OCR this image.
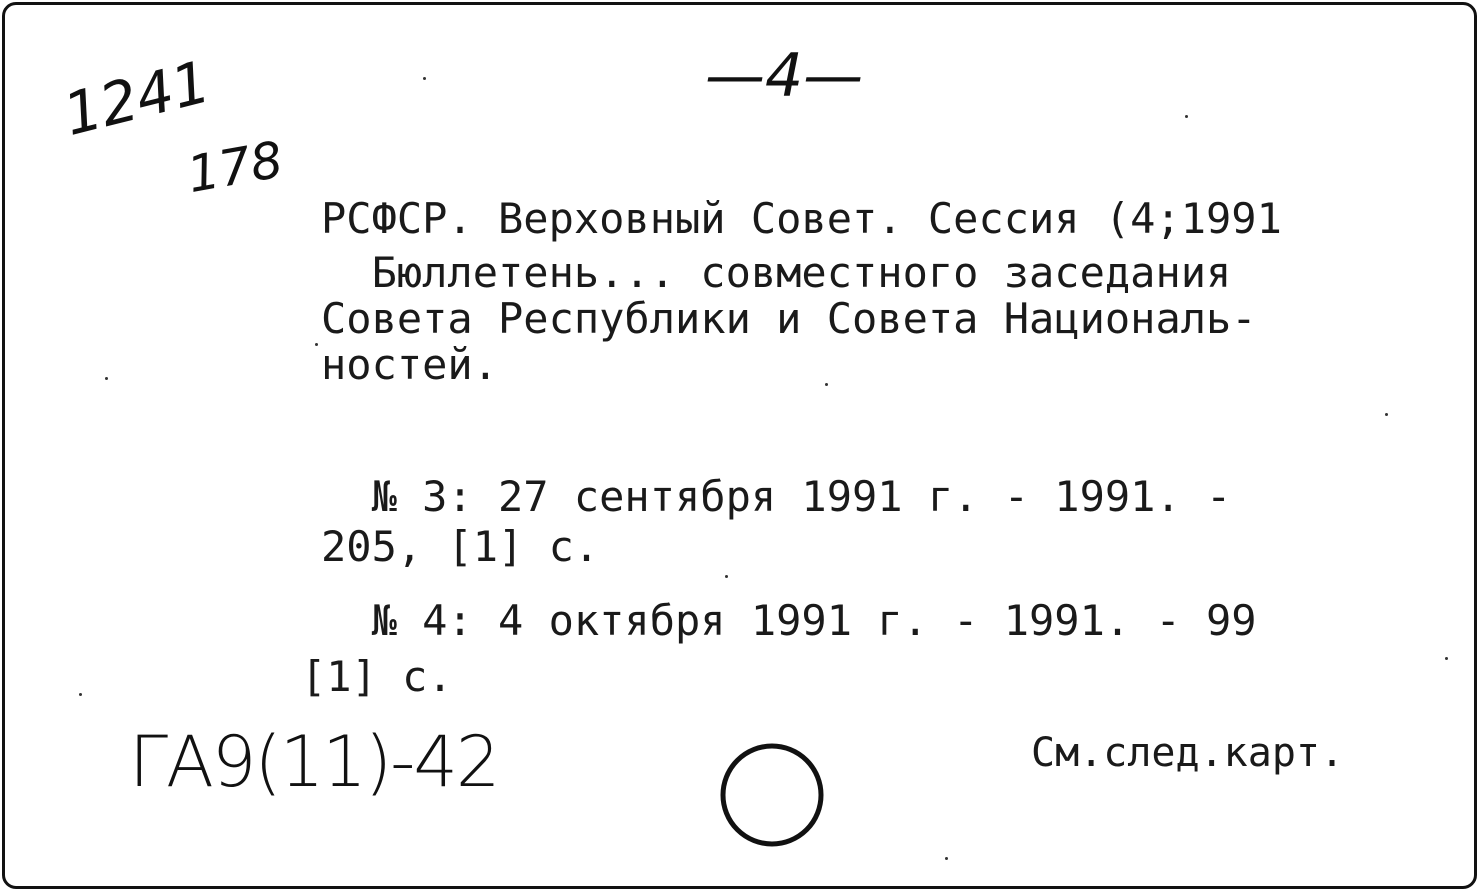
—4—
1241
178
РСФСР. Верховный Совет. Сессия (4;1991
Бюллетень... совместного заседания
Совета Республики и Совета Националь-
ностей.
№ 3: 27 сентября 1991 г. - 1991. -
205, [1] с.
№ 4: 4 октября 1991 г. - 1991. - 99
[1] с.
ГА9(11)-42	См.след.карт.
